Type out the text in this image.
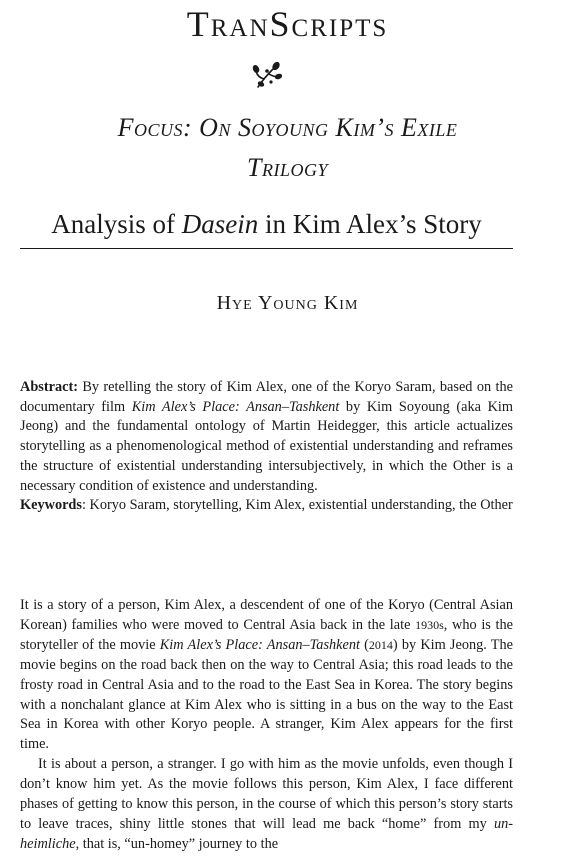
TranScripts
Focus: On Soyoung Kim’s Exile
Trilogy
Analysis of Dasein in Kim Alex’s Story
Hye Young Kim
Abstract: By retelling the story of Kim Alex, one of the Koryo Saram, based on the documentary film Kim Alex’s Place: Ansan–Tashkent by Kim Soyoung (aka Kim Jeong) and the fundamental ontology of Martin Heidegger, this article actualizes storytelling as a phenomenological method of existential understanding and reframes the structure of existential understanding intersubjectively, in which the Other is a necessary condition of existence and understanding.
Keywords: Koryo Saram, storytelling, Kim Alex, existential understanding, the Other

It is a story of a person, Kim Alex, a descendent of one of the Koryo (Central Asian Korean) families who were moved to Central Asia back in the late 1930s, who is the storyteller of the movie Kim Alex’s Place: Ansan–Tashkent (2014) by Kim Jeong. The movie begins on the road back then on the way to Central Asia; this road leads to the frosty road in Central Asia and to the road to the East Sea in Korea. The story begins with a nonchalant glance at Kim Alex who is sitting in a bus on the way to the East Sea in Korea with other Koryo people. A stranger, Kim Alex appears for the first time.

It is about a person, a stranger. I go with him as the movie unfolds, even though I don’t know him yet. As the movie follows this person, Kim Alex, I face different phases of getting to know this person, in the course of which this person’s story starts to leave traces, shiny little stones that will lead me back “home” from my un-heimliche, that is, “un-homey” journey to the
